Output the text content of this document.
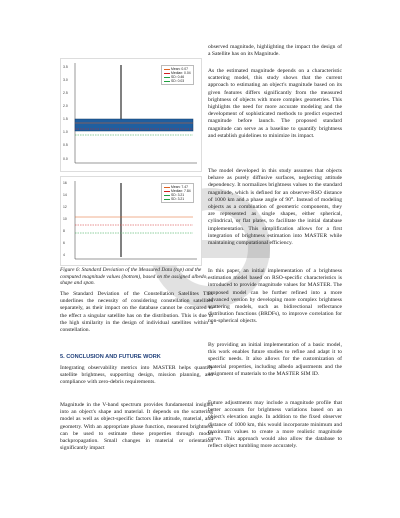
3.5
3.0
2.5
2.0
1.5
1.0
0.5
0.0
Mean: 0.07
Median: 0.04
SD: 0.46
SD: 0.03
16
14
12
10
8
6
4
Mean: 7.47
Median: 7.84
SD: 3.21
SD: 3.21

Figure 6: Standard Deviation of the Measured Data (top) and the computed magnitude values (bottom), based on the assigned albedo, shape and span.

The Standard Deviation of the Constellation Satellites This underlines the necessity of considering constellation satellites separately, as their impact on the database cannot be compared to the effect a singular satellite has on the distribution. This is due to the high similarity in the design of individual satellites within a constellation.

5. CONCLUSION AND FUTURE WORK

Integrating observability metrics into MASTER helps quantify satellite brightness, supporting design, mission planning, and compliance with zero-debris requirements.

Magnitude in the V-band spectrum provides fundamental insights into an object's shape and material. It depends on the scattering model as well as object-specific factors like attitude, material, and geometry. With an appropriate phase function, measured brightness can be used to estimate these properties through model backpropagation. Small changes in material or orientation significantly impact

observed magnitude, highlighting the impact the design of a Satellite has on its Magnitude.

As the estimated magnitude depends on a characteristic scattering model, this study shows that the current approach to estimating an object's magnitude based on its given features differs significantly from the measured brightness of objects with more complex geometries. This highlights the need for more accurate modeling and the development of sophisticated methods to predict expected magnitude before launch. The proposed standard magnitude can serve as a baseline to quantify brightness and establish guidelines to minimize its impact.

The model developed in this study assumes that objects behave as purely diffusive surfaces, neglecting attitude dependency. It normalizes brightness values to the standard magnitude, which is defined for an observer-RSO distance of 1000 km and a phase angle of 90°. Instead of modeling objects as a combination of geometric components, they are represented as single shapes, either spherical, cylindrical, or flat plates, to facilitate the initial database implementation. This simplification allows for a first integration of brightness estimation into MASTER while maintaining computational efficiency.

In this paper, an initial implementation of a brightness estimation model based on RSO-specific characteristics is introduced to provide magnitude values for MASTER. The proposed model can be further refined into a more advanced version by developing more complex brightness scattering models, such as bidirectional reflectance distribution functions (BRDFs), to improve correlation for non-spherical objects.

By providing an initial implementation of a basic model, this work enables future studies to refine and adapt it to specific needs. It also allows for the customization of material properties, including albedo adjustments and the assignment of materials to the MASTER SIM ID.

Future adjustments may include a magnitude profile that better accounts for brightness variations based on an object's elevation angle. In addition to the fixed observer distance of 1000 km, this would incorporate minimum and maximum values to create a more realistic magnitude curve. This approach would also allow the database to reflect object tumbling more accurately.
